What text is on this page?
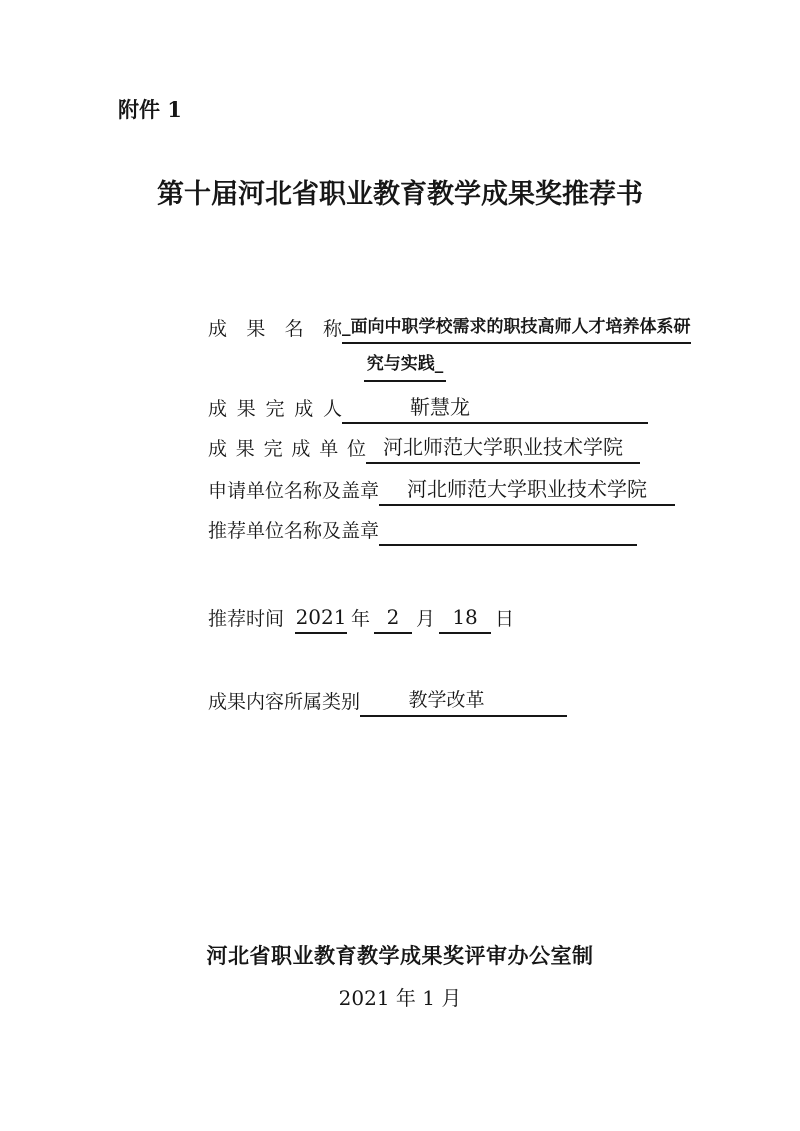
附件 1
第十届河北省职业教育教学成果奖推荐书
成 果 名 称 _面向中职学校需求的职技高师人才培养体系研
究与实践_
成 果 完 成 人	靳慧龙
成 果 完 成 单 位 河北师范大学职业技术学院
申请单位名称及盖章	河北师范大学职业技术学院
推荐单位名称及盖章
推荐时间 2021 年 2 月 18 日
成果内容所属类别	教学改革
河北省职业教育教学成果奖评审办公室制
2021 年 1 月
